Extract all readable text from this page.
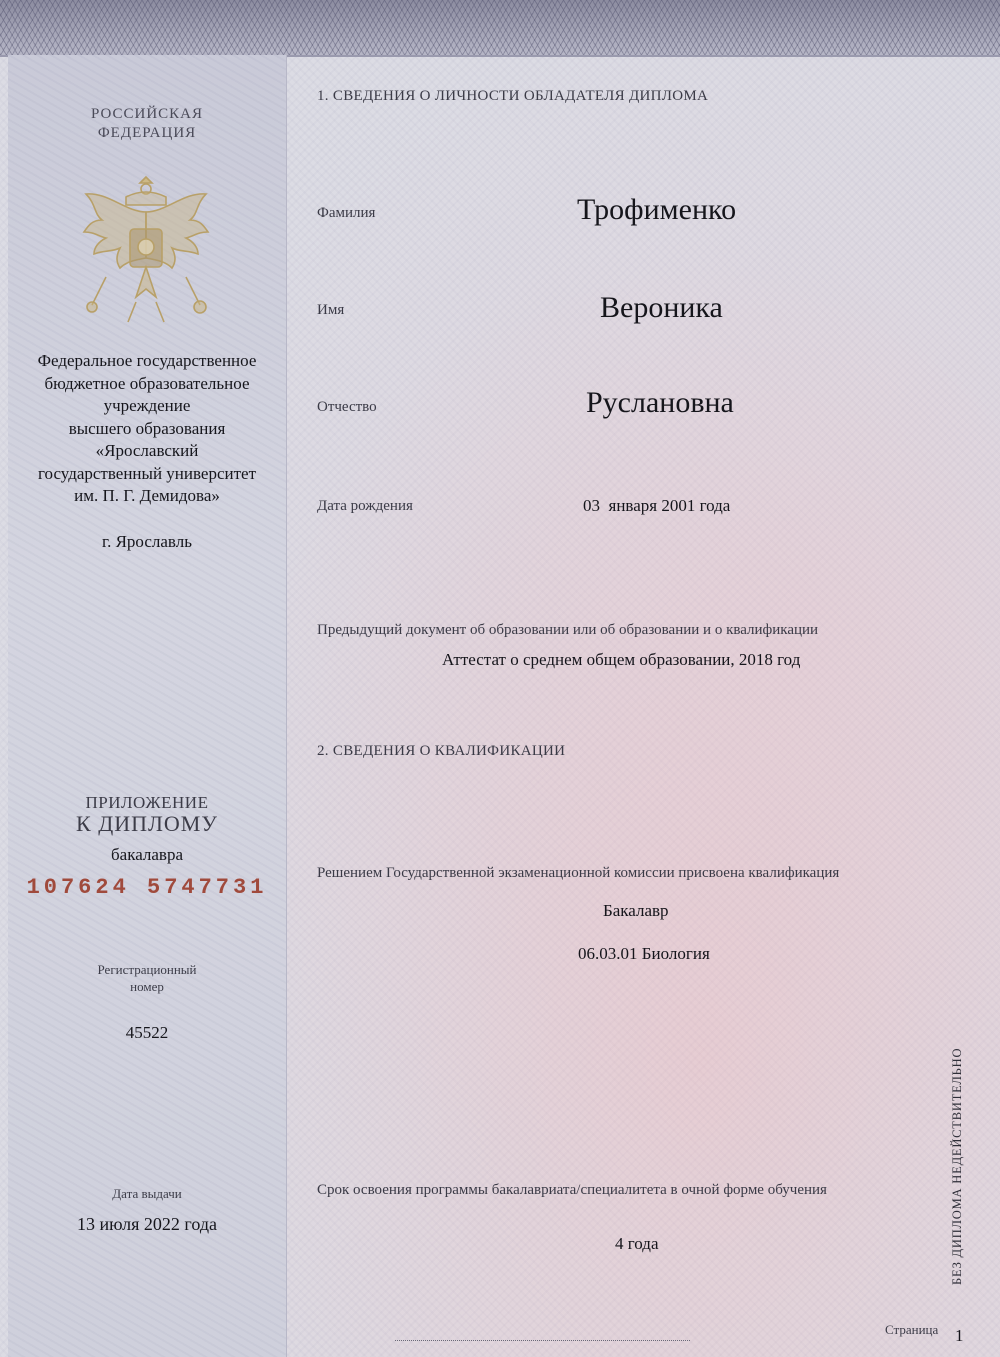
РОССИЙСКАЯ
ФЕДЕРАЦИЯ
Федеральное государственное
бюджетное образовательное
учреждение
высшего образования
«Ярославский
государственный университет
им. П. Г. Демидова»
г. Ярославль
ПРИЛОЖЕНИЕ
К ДИПЛОМУ
бакалавра
107624 5747731
Регистрационный
номер
45522
Дата выдачи
13 июля 2022 года
1. СВЕДЕНИЯ О ЛИЧНОСТИ ОБЛАДАТЕЛЯ ДИПЛОМА
Фамилия	Трофименко
Имя	Вероника
Отчество	Руслановна
Дата рождения	03  января 2001 года
Предыдущий документ об образовании или об образовании и о квалификации
Аттестат о среднем общем образовании, 2018 год
2. СВЕДЕНИЯ О КВАЛИФИКАЦИИ
Решением Государственной экзаменационной комиссии присвоена квалификация
Бакалавр
06.03.01 Биология
Срок освоения программы бакалавриата/специалитета в очной форме обучения
4 года	БЕЗ ДИПЛОМА НЕДЕЙСТВИТЕЛЬНО
Страница 1
